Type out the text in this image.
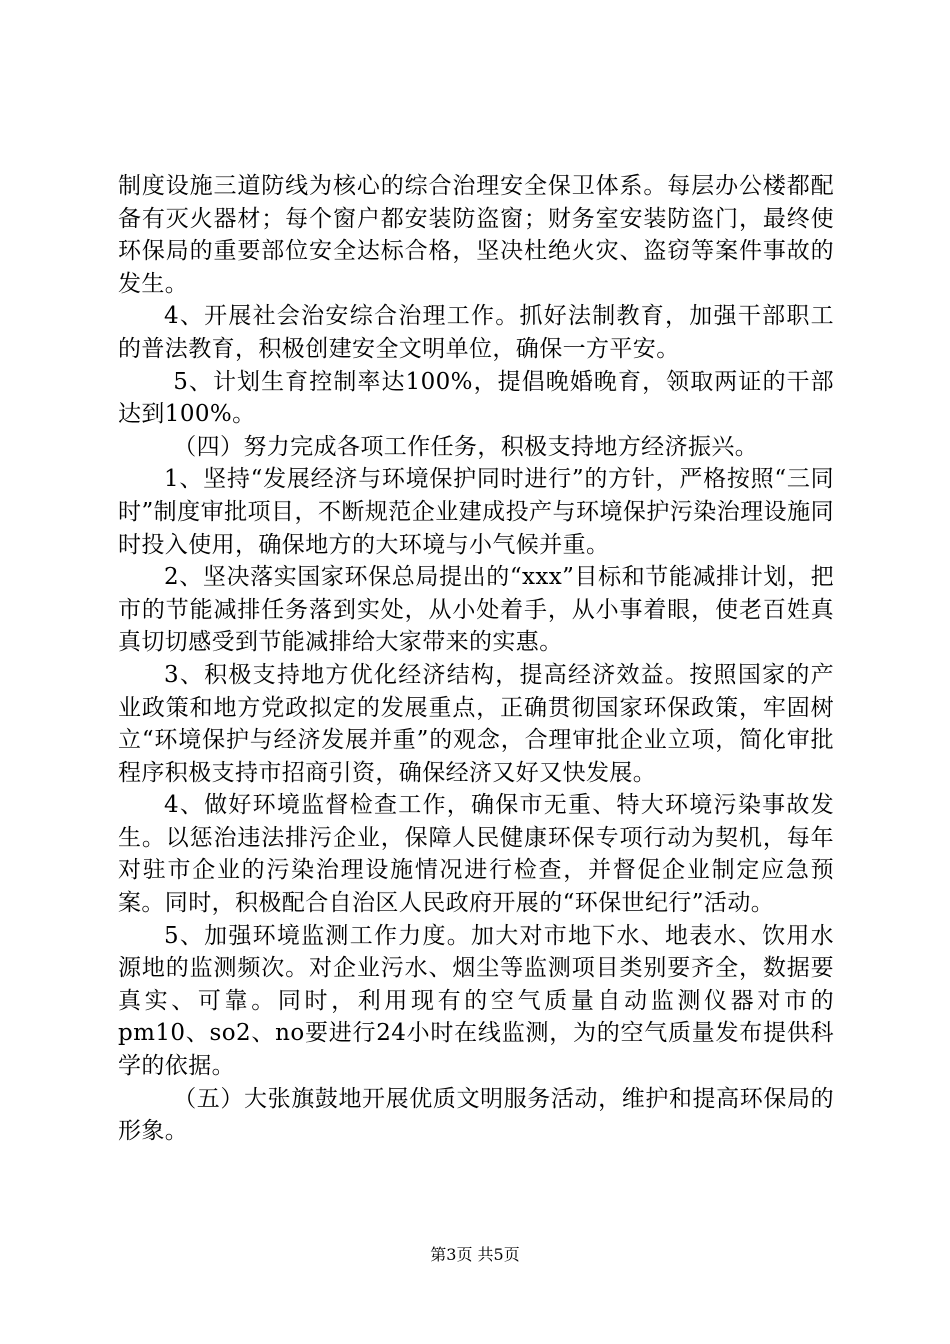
制度设施三道防线为核心的综合治理安全保卫体系。每层办公楼都配备有灭火器材；每个窗户都安装防盗窗；财务室安装防盗门，最终使环保局的重要部位安全达标合格，坚决杜绝火灾、盗窃等案件事故的发生。

4、开展社会治安综合治理工作。抓好法制教育，加强干部职工的普法教育，积极创建安全文明单位，确保一方平安。

5、计划生育控制率达100%，提倡晚婚晚育，领取两证的干部达到100%。

（四）努力完成各项工作任务，积极支持地方经济振兴。

1、坚持“发展经济与环境保护同时进行”的方针，严格按照“三同时”制度审批项目，不断规范企业建成投产与环境保护污染治理设施同时投入使用，确保地方的大环境与小气候并重。

2、坚决落实国家环保总局提出的“xxx”目标和节能减排计划，把市的节能减排任务落到实处，从小处着手，从小事着眼，使老百姓真真切切感受到节能减排给大家带来的实惠。

3、积极支持地方优化经济结构，提高经济效益。按照国家的产业政策和地方党政拟定的发展重点，正确贯彻国家环保政策，牢固树立“环境保护与经济发展并重”的观念，合理审批企业立项，简化审批程序积极支持市招商引资，确保经济又好又快发展。

4、做好环境监督检查工作，确保市无重、特大环境污染事故发生。以惩治违法排污企业，保障人民健康环保专项行动为契机，每年对驻市企业的污染治理设施情况进行检查，并督促企业制定应急预案。同时，积极配合自治区人民政府开展的“环保世纪行”活动。

5、加强环境监测工作力度。加大对市地下水、地表水、饮用水源地的监测频次。对企业污水、烟尘等监测项目类别要齐全，数据要真实、可靠。同时，利用现有的空气质量自动监测仪器对市的pm10、so2、no要进行24小时在线监测，为的空气质量发布提供科学的依据。

（五）大张旗鼓地开展优质文明服务活动，维护和提高环保局的形象。

第3页 共5页
